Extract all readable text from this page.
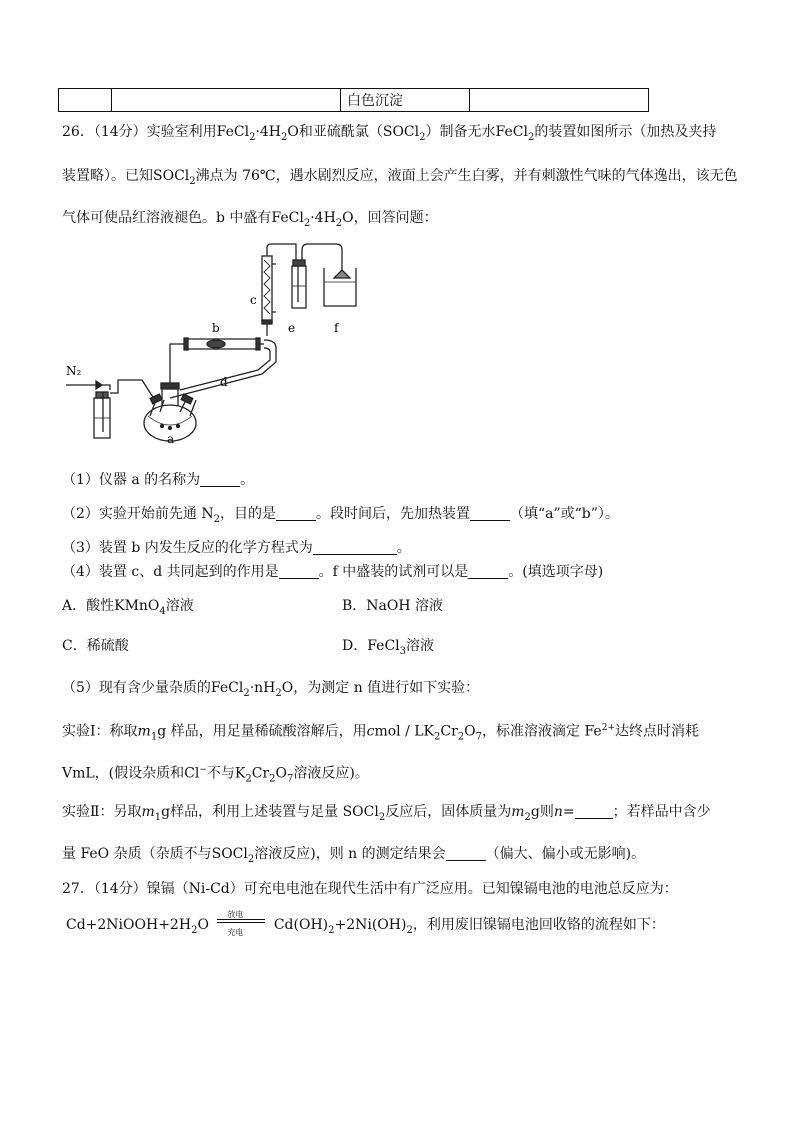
		白色沉淀	
26．（14分）实验室利用$FeCl_2\cdot 4H_2O$和亚硫酰氯（SOCl$_2$）制备无水FeCl$_2$的装置如图所示（加热及夹持
装置略）。已知SOCl$_2$沸点为 76℃，遇水剧烈反应，液面上会产生白雾，并有刺激性气味的气体逸出，该无色
气体可使品红溶液褪色。b 中盛有$FeCl_2\cdot 4H_2O$，回答问题：
N₂
a
b
c
d
e	f
（1）仪器 a 的名称为	。
（2）实验开始前先通 $N_2$，目的是	。段时间后，先加热装置	（填“a”或“b”）。
（3）装置 b 内发生反应的化学方程式为	。
（4）装置 c、d 共同起到的作用是	。f 中盛装的试剂可以是	。(填选项字母)
A．酸性KMnO$_4$溶液	B．NaOH 溶液
C．稀硫酸	D．FeCl$_3$溶液
（5）现有含少量杂质的$FeCl_2\cdot nH_2O$，为测定 n 值进行如下实验：
实验Ⅰ：称取$m_1g$ 样品，用足量稀硫酸溶解后，用cmol / $LK_2Cr_2O_7$，标准溶液滴定 $Fe^{2+}$达终点时消耗
VmL，(假设杂质和Cl−不与$K_2Cr_2O_7$溶液反应)。
实验Ⅱ：另取$m_1g$样品，利用上述装置与足量 SOCl$_2$反应后，固体质量为$m_2g$则n=	；若样品中含少
量 FeO 杂质（杂质不与SOCl$_2$溶液反应)，则 n 的测定结果会	（偏大、偏小或无影响)。
27．（14分）镍镉（Ni-Cd）可充电电池在现代生活中有广泛应用。已知镍镉电池的电池总反应为：
$Cd+2NiOOH+2H_2O$
放电
充电 $Cd(OH)_2+2Ni(OH)_2$，利用废旧镍镉电池回收铬的流程如下：
